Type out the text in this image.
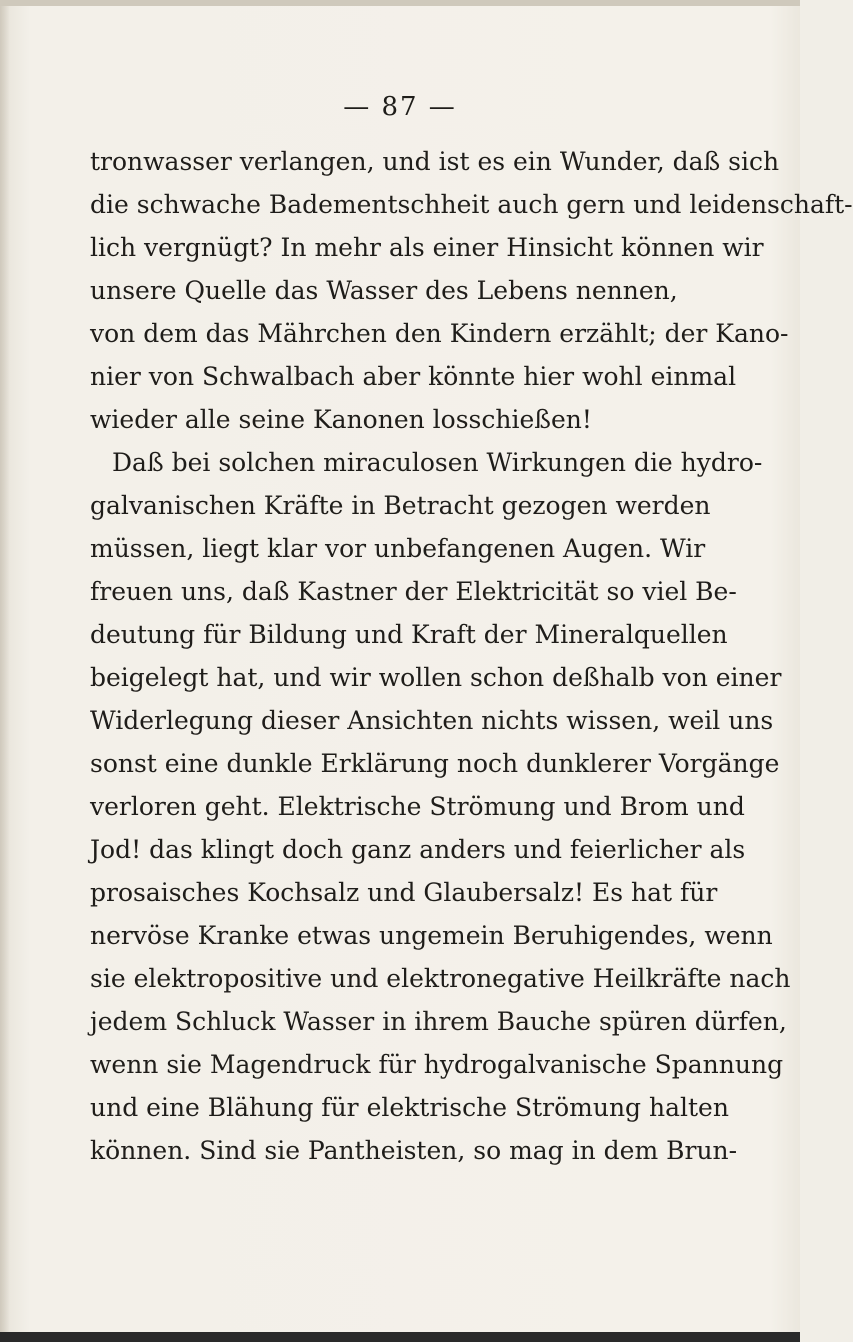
— 87 —
tronwasser verlangen, und ist es ein Wunder, daß sich
die schwache Badementschheit auch gern und leidenschaft-
lich vergnügt? In mehr als einer Hinsicht können wir
unsere Quelle das Wasser des Lebens nennen,
von dem das Mährchen den Kindern erzählt; der Kano-
nier von Schwalbach aber könnte hier wohl einmal
wieder alle seine Kanonen losschießen!
Daß bei solchen miraculosen Wirkungen die hydro-
galvanischen Kräfte in Betracht gezogen werden
müssen, liegt klar vor unbefangenen Augen. Wir
freuen uns, daß Kastner der Elektricität so viel Be-
deutung für Bildung und Kraft der Mineralquellen
beigelegt hat, und wir wollen schon deßhalb von einer
Widerlegung dieser Ansichten nichts wissen, weil uns
sonst eine dunkle Erklärung noch dunklerer Vorgänge
verloren geht. Elektrische Strömung und Brom und
Jod! das klingt doch ganz anders und feierlicher als
prosaisches Kochsalz und Glaubersalz! Es hat für
nervöse Kranke etwas ungemein Beruhigendes, wenn
sie elektropositive und elektronegative Heilkräfte nach
jedem Schluck Wasser in ihrem Bauche spüren dürfen,
wenn sie Magendruck für hydrogalvanische Spannung
und eine Blähung für elektrische Strömung halten
können. Sind sie Pantheisten, so mag in dem Brun-
